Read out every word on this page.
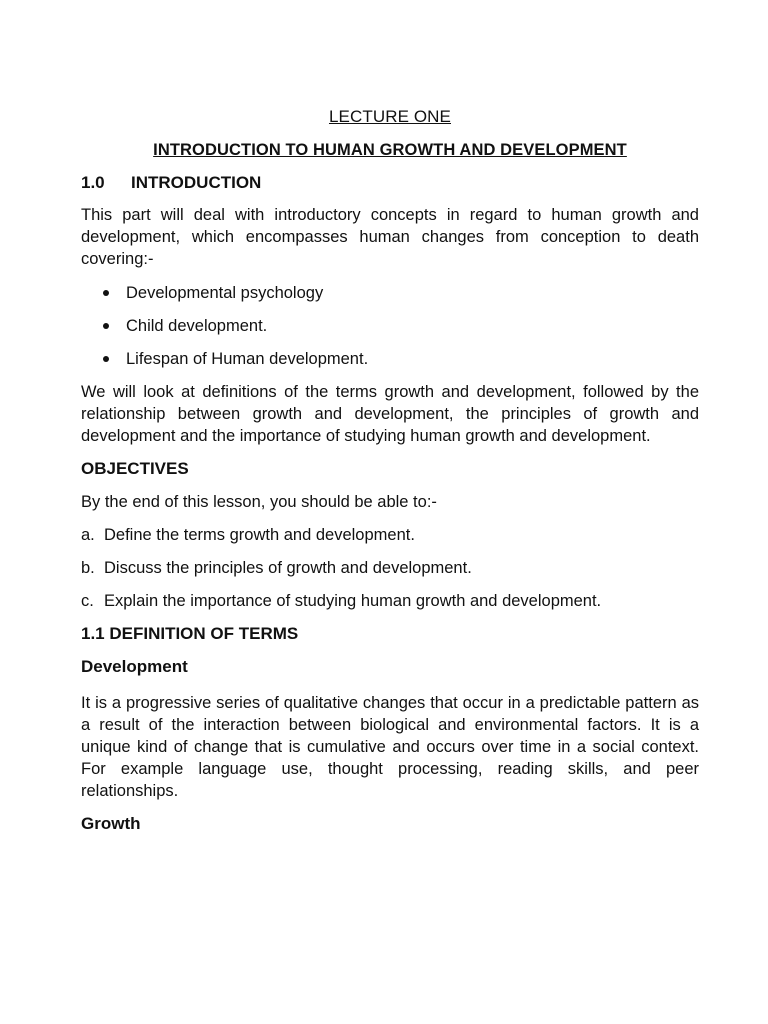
LECTURE ONE
INTRODUCTION TO HUMAN GROWTH AND DEVELOPMENT
1.0	INTRODUCTION

This part will deal with introductory concepts in regard to human growth and development, which encompasses human changes from conception to death covering:-

Developmental psychology
Child development.
Lifespan of Human development.

We will look at definitions of the terms growth and development, followed by the relationship between growth and development, the principles of growth and development and the importance of studying human growth and development.

OBJECTIVES

By the end of this lesson, you should be able to:-

a. Define the terms growth and development.
b. Discuss the principles of growth and development.
c. Explain the importance of studying human growth and development.
1.1 DEFINITION OF TERMS
Development

It is a progressive series of qualitative changes that occur in a predictable pattern as a result of the interaction between biological and environmental factors. It is a unique kind of change that is cumulative and occurs over time in a social context. For example language use, thought processing, reading skills, and peer relationships.

Growth
